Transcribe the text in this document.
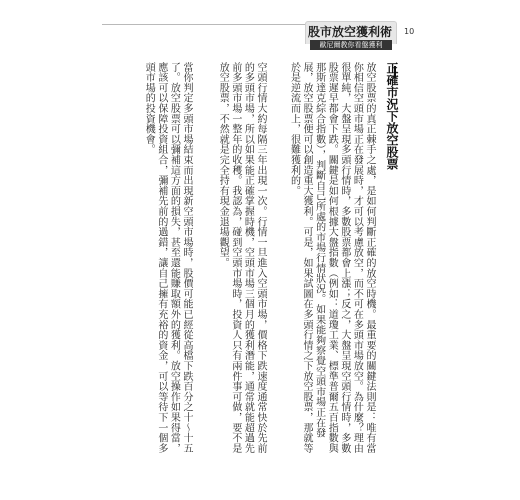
股市放空獲利術
歐尼爾教你看盤獲利
10
正確市況下放空股票

放空股票的真正棘手之處，是如何判斷正確的放空時機。最重要的關鍵法則是：唯有當你相信空頭市場正在發展時，才可以考慮放空，而不可在多頭市場放空。為什麼？理由很單純，大盤呈現多頭行情時，多數股票都會上漲；反之，大盤呈現空頭行情時，多數股票遲早都會下跌。關鍵是如何根據大盤指數（例如：道瓊工業、標準普爾五百指數與那斯達克綜合指數），判斷自己所處的市場行情狀況。如果能夠察覺空頭市場正在發展，放空股票便可以創造重大獲利。可是，如果試圖在多頭行情之下放空股票，那就等於是逆流而上，很難獲利的。

空頭行情大約每隔三年出現一次。行情一旦進入空頭市場，價格下跌速度通常快於先前的多頭市場，所以如果能正確掌握時機，空頭市場三個月的獲利潛能，通常就能超過先前多頭市場一整年的收穫。我認為，碰到空頭市場時，投資人只有兩件事可做，要不是放空股票，不然就是完全持有現金退場觀望。

當你判定多頭市場結束而出現新空頭市場時，股價可能已經從高檔下跌百分之十～十五了。放空股票可以彌補這方面的損失，甚至還能賺取額外的獲利。放空操作如果得當，應該可以保障投資組合，彌補先前的過錯，讓自己擁有充裕的資金，可以等待下一個多頭市場的投資機會。
